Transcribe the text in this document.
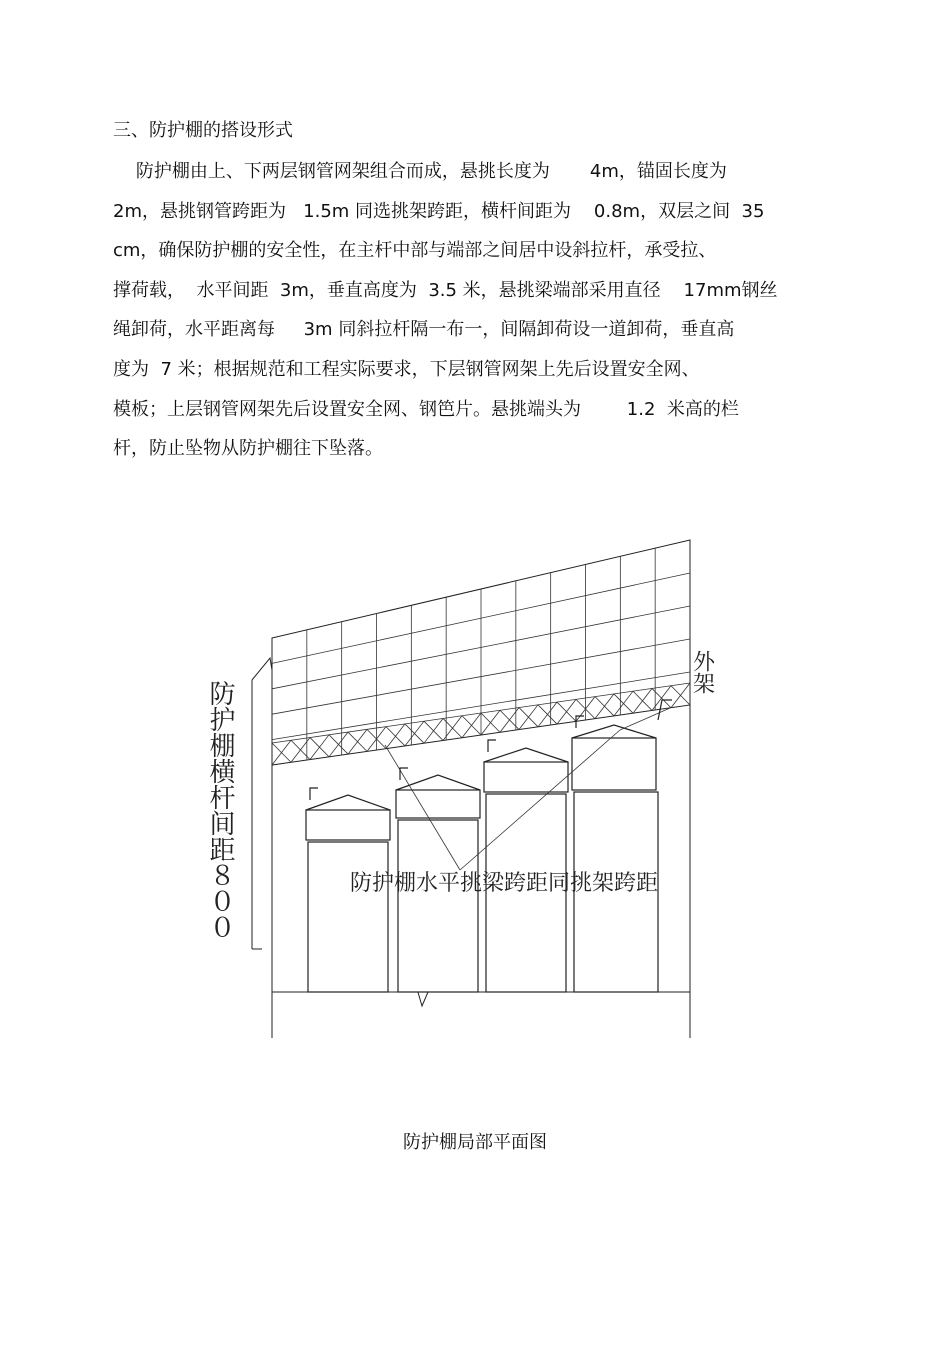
三、防护棚的搭设形式
防护棚由上、下两层钢管网架组合而成，悬挑长度为       4m，锚固长度为
2m，悬挑钢管跨距为   1.5m 同选挑架跨距，横杆间距为    0.8m，双层之间  35
cm，确保防护棚的安全性，在主杆中部与端部之间居中设斜拉杆，承受拉、
撑荷载，  水平间距  3m，垂直高度为  3.5 米，悬挑梁端部采用直径    17mm钢丝
绳卸荷，水平距离每     3m 同斜拉杆隔一布一，间隔卸荷设一道卸荷，垂直高
度为  7 米；根据规范和工程实际要求，下层钢管网架上先后设置安全网、
模板；上层钢管网架先后设置安全网、钢笆片。悬挑端头为        1.2  米高的栏
杆，防止坠物从防护棚往下坠落。
防护棚横杆间距８００
外架
防护棚水平挑梁跨距同挑架跨距
防护棚局部平面图
